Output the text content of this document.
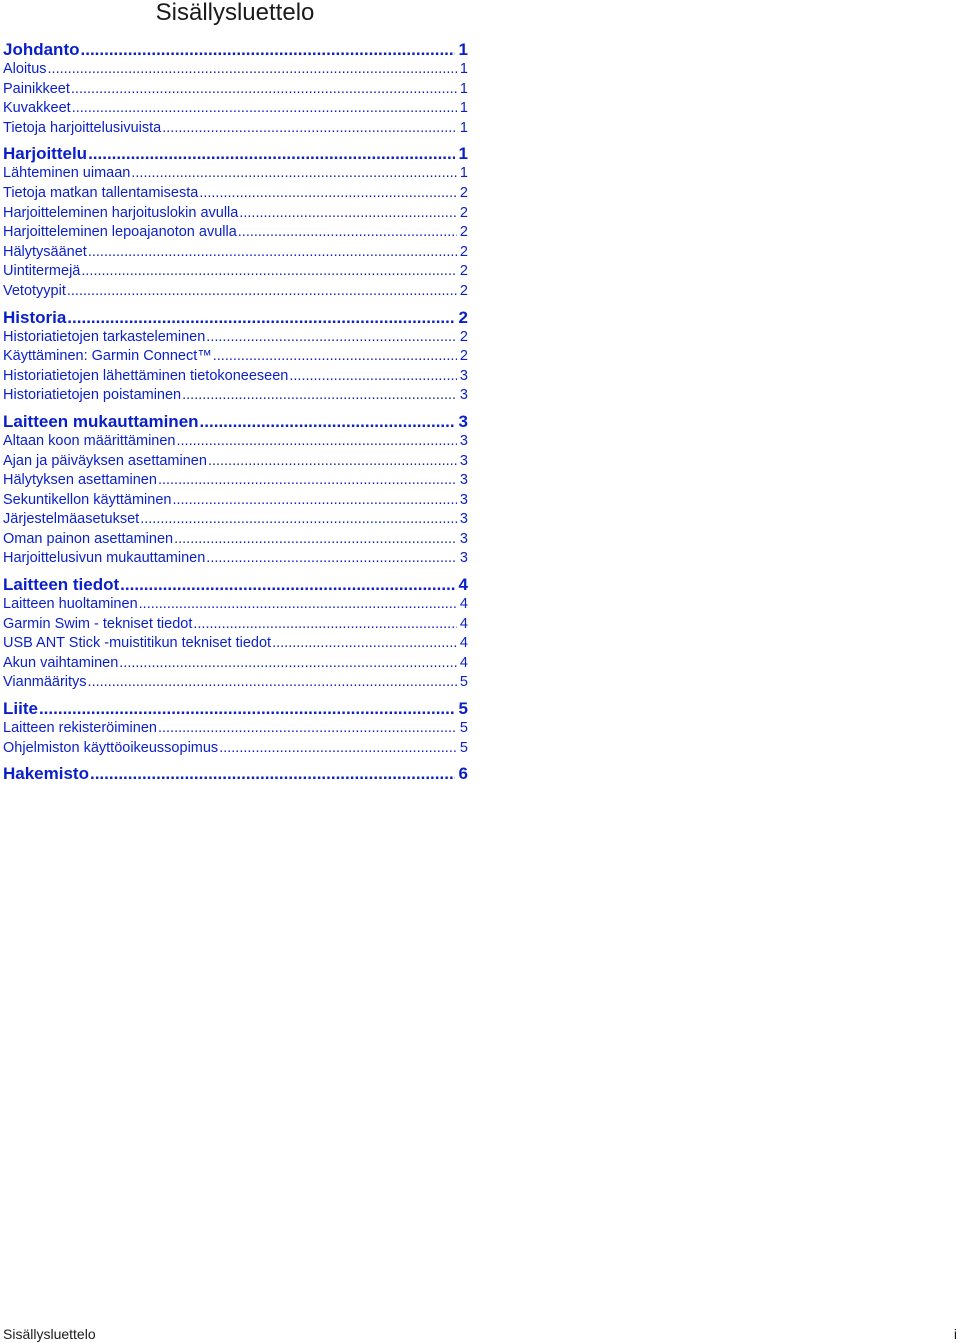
Sisällysluettelo
Johdanto .....	1
Aloitus .....	1
Painikkeet .....	1
Kuvakkeet .....	1
Tietoja harjoittelusivuista .....	1
Harjoittelu .....	1
Lähteminen uimaan .....	1
Tietoja matkan tallentamisesta .....	2
Harjoitteleminen harjoituslokin avulla .....	2
Harjoitteleminen lepoajanoton avulla .....	2
Hälytysäänet .....	2
Uintitermejä .....	2
Vetotyypit .....	2
Historia .....	2
Historiatietojen tarkasteleminen .....	2
Käyttäminen: Garmin Connect™ .....	2
Historiatietojen lähettäminen tietokoneeseen .....	3
Historiatietojen poistaminen .....	3
Laitteen mukauttaminen .....	3
Altaan koon määrittäminen .....	3
Ajan ja päiväyksen asettaminen .....	3
Hälytyksen asettaminen .....	3
Sekuntikellon käyttäminen .....	3
Järjestelmäasetukset .....	3
Oman painon asettaminen .....	3
Harjoittelusivun mukauttaminen .....	3
Laitteen tiedot .....	4
Laitteen huoltaminen .....	4
Garmin Swim - tekniset tiedot .....	4
USB ANT Stick -muistitikun tekniset tiedot .....	4
Akun vaihtaminen .....	4
Vianmääritys .....	5
Liite .....	5
Laitteen rekisteröiminen .....	5
Ohjelmiston käyttöoikeussopimus .....	5
Hakemisto .....	6
Sisällysluettelo	i
